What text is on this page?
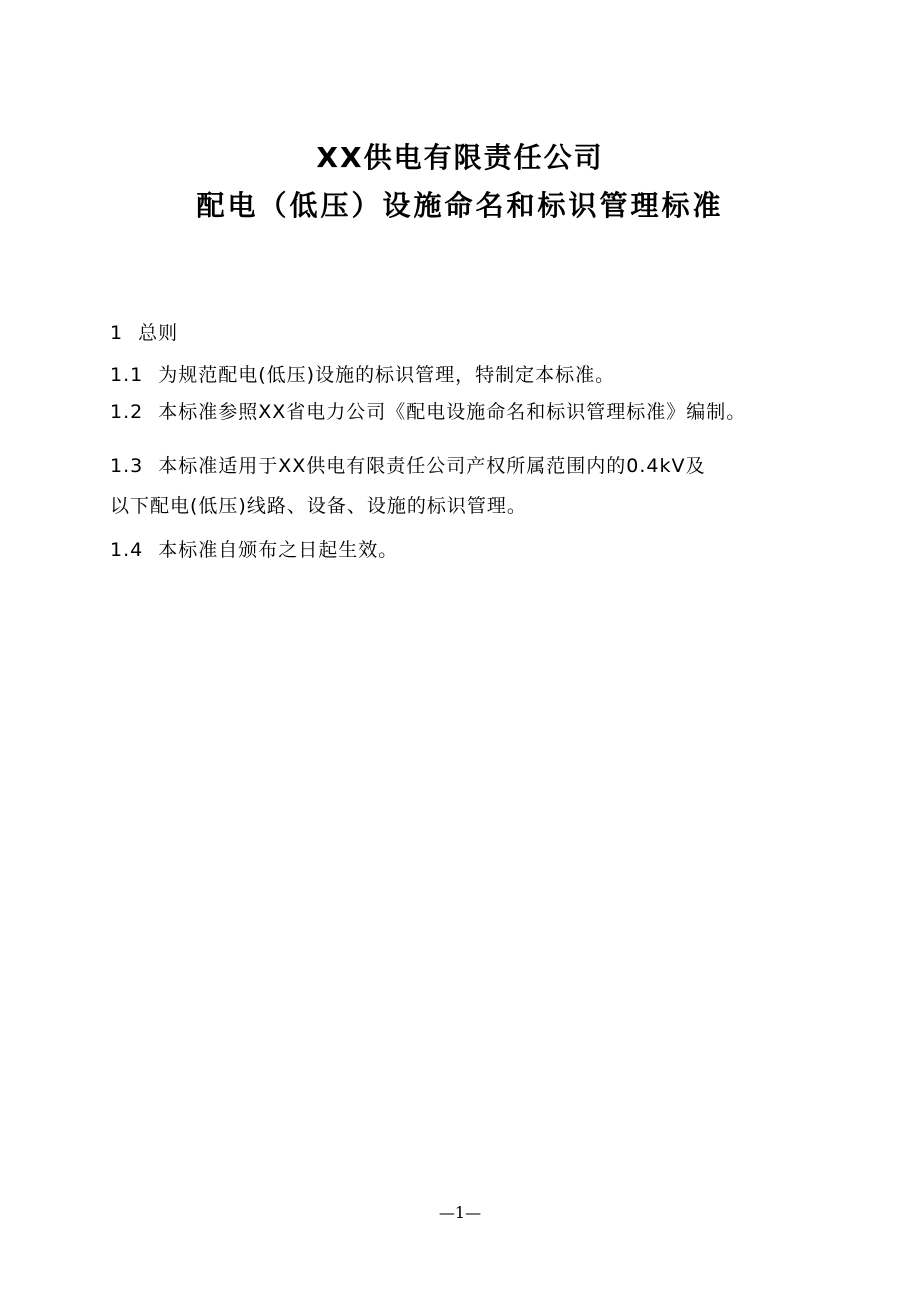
XX供电有限责任公司
配电（低压）设施命名和标识管理标准
1 总则
1.1 为规范配电(低压)设施的标识管理，特制定本标准。
1.2 本标准参照XX省电力公司《配电设施命名和标识管理标准》编制。
1.3 本标准适用于XX供电有限责任公司产权所属范围内的0.4kV及
以下配电(低压)线路、设备、设施的标识管理。
1.4 本标准自颁布之日起生效。
—1—
